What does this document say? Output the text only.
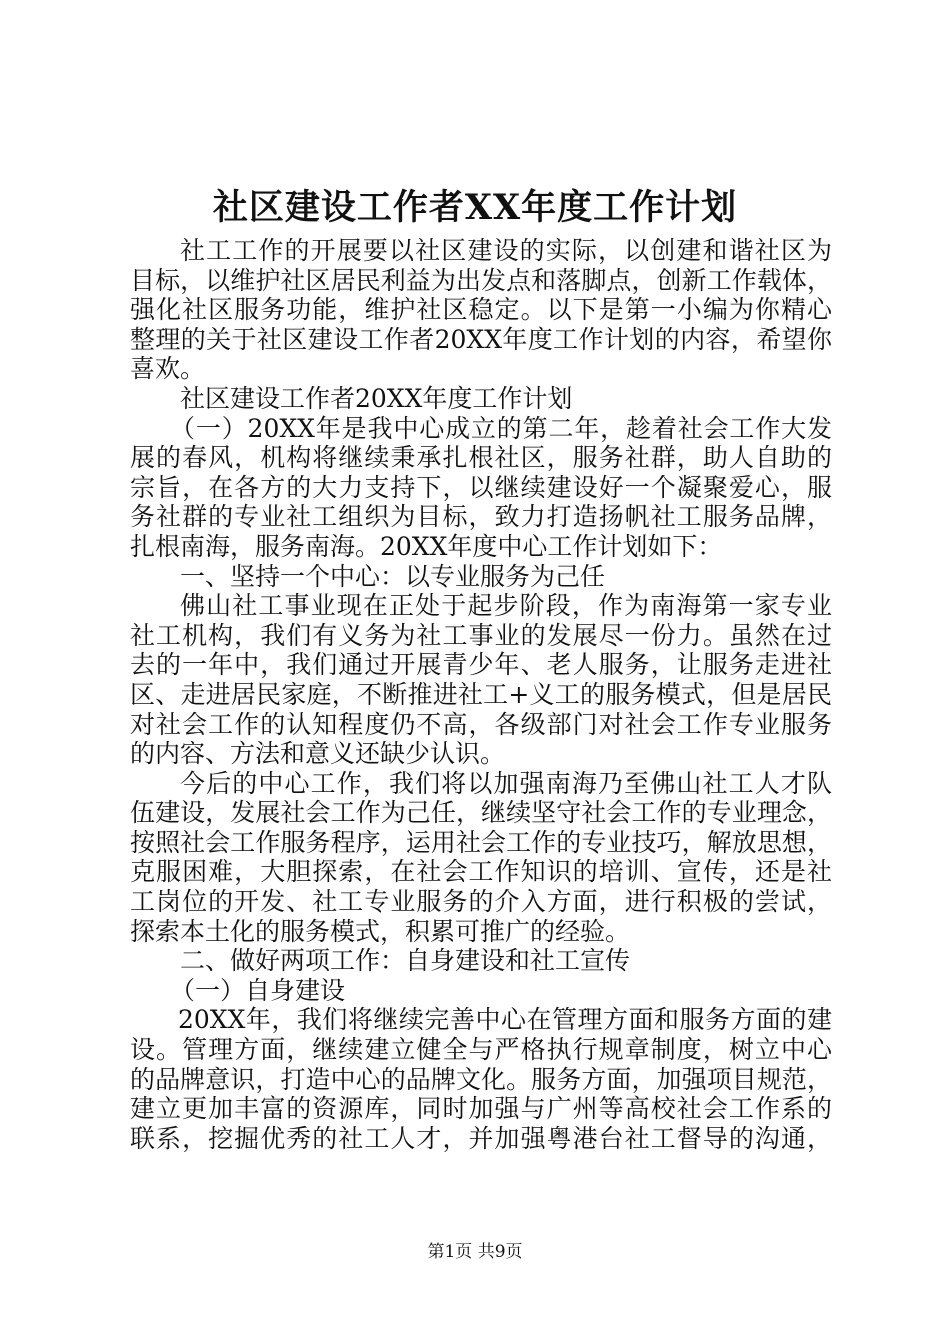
社区建设工作者XX年度工作计划
社工工作的开展要以社区建设的实际，以创建和谐社区为
目标，以维护社区居民利益为出发点和落脚点，创新工作载体，
强化社区服务功能，维护社区稳定。以下是第一小编为你精心
整理的关于社区建设工作者20XX年度工作计划的内容，希望你
喜欢。
社区建设工作者20XX年度工作计划
（一）20XX年是我中心成立的第二年，趁着社会工作大发
展的春风，机构将继续秉承扎根社区，服务社群，助人自助的
宗旨，在各方的大力支持下，以继续建设好一个凝聚爱心，服
务社群的专业社工组织为目标，致力打造扬帆社工服务品牌，
扎根南海，服务南海。20XX年度中心工作计划如下：
一、坚持一个中心：以专业服务为己任
佛山社工事业现在正处于起步阶段，作为南海第一家专业
社工机构，我们有义务为社工事业的发展尽一份力。虽然在过
去的一年中，我们通过开展青少年、老人服务，让服务走进社
区、走进居民家庭，不断推进社工+义工的服务模式，但是居民
对社会工作的认知程度仍不高，各级部门对社会工作专业服务
的内容、方法和意义还缺少认识。
今后的中心工作，我们将以加强南海乃至佛山社工人才队
伍建设，发展社会工作为己任，继续坚守社会工作的专业理念，
按照社会工作服务程序，运用社会工作的专业技巧，解放思想，
克服困难，大胆探索，在社会工作知识的培训、宣传，还是社
工岗位的开发、社工专业服务的介入方面，进行积极的尝试，
探索本土化的服务模式，积累可推广的经验。
二、做好两项工作：自身建设和社工宣传
（一）自身建设
20XX年，我们将继续完善中心在管理方面和服务方面的建
设。管理方面，继续建立健全与严格执行规章制度，树立中心
的品牌意识，打造中心的品牌文化。服务方面，加强项目规范，
建立更加丰富的资源库，同时加强与广州等高校社会工作系的
联系，挖掘优秀的社工人才，并加强粤港台社工督导的沟通，
第1页 共9页
